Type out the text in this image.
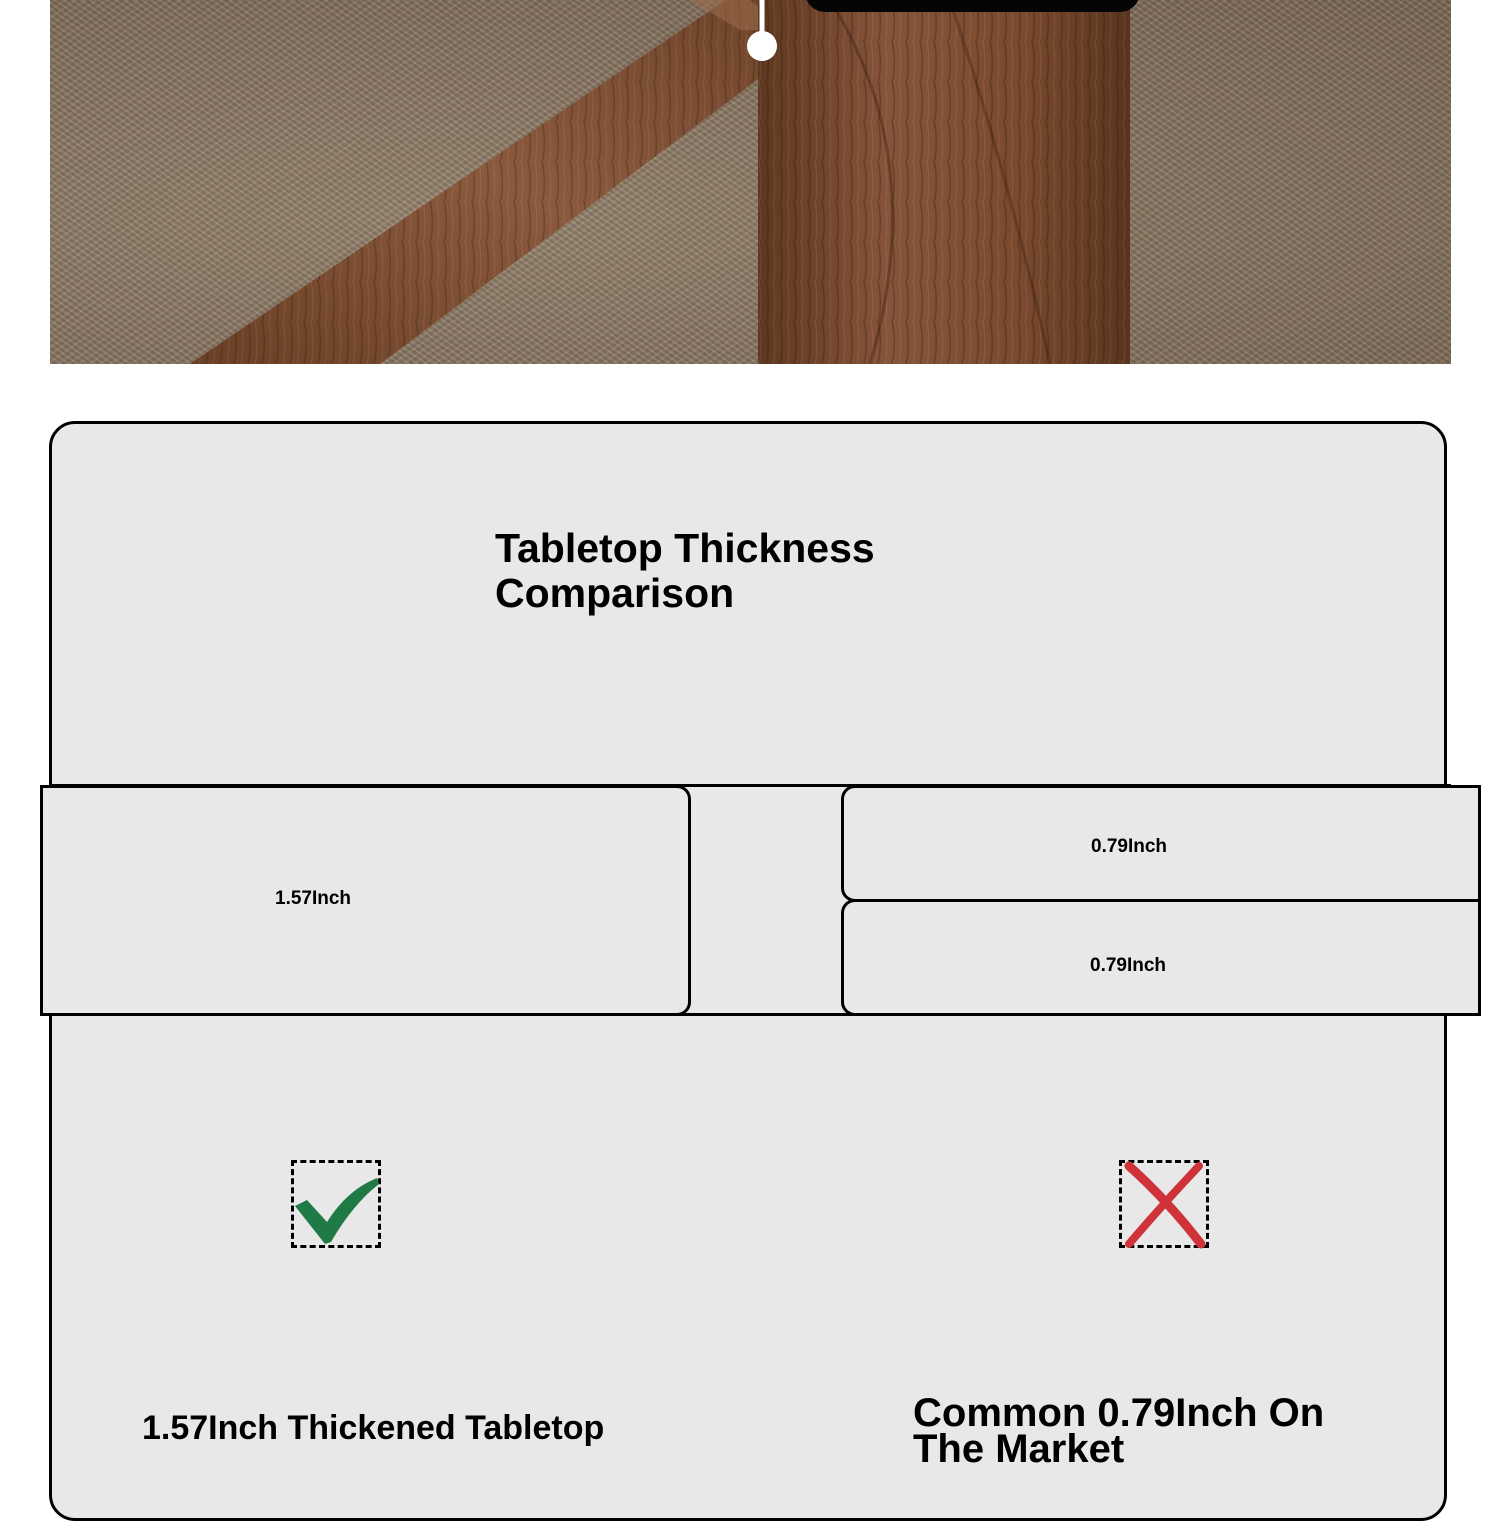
Tabletop Thickness Comparison
1.57Inch
0.79Inch
0.79Inch

1.57Inch Thickened Tabletop	Common 0.79Inch On The Market
